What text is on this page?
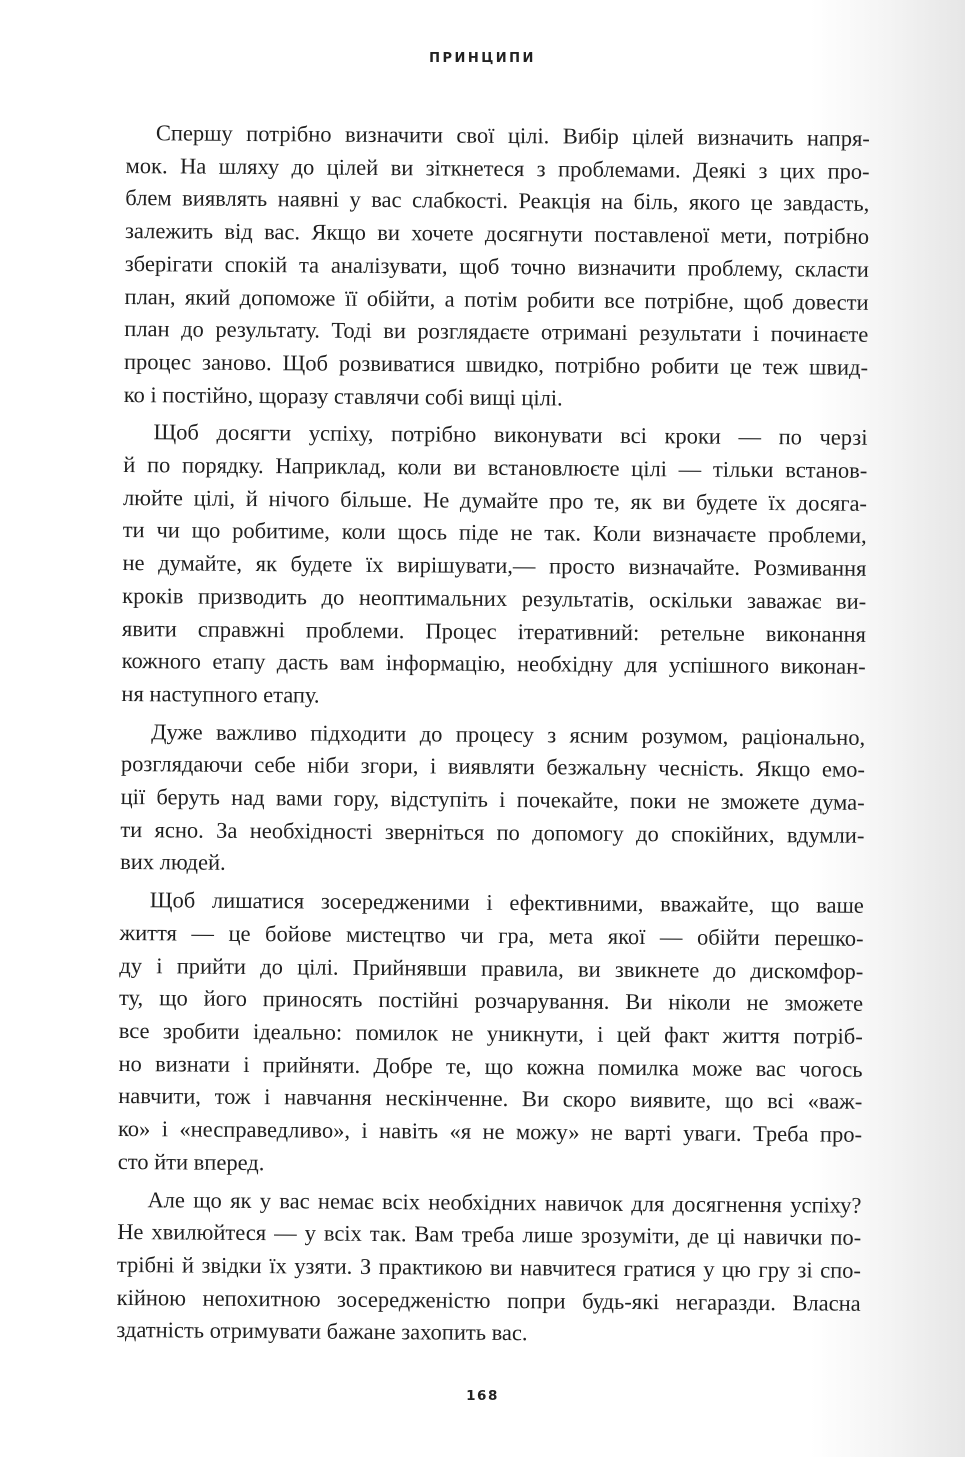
ПРИНЦИПИ
Спершу потрібно визначити свої цілі. Вибір цілей визначить напря-
мок. На шляху до цілей ви зіткнетеся з проблемами. Деякі з цих про-
блем виявлять наявні у вас слабкості. Реакція на біль, якого це завдасть,
залежить від вас. Якщо ви хочете досягнути поставленої мети, потрібно
зберігати спокій та аналізувати, щоб точно визначити проблему, скласти
план, який допоможе її обійти, а потім робити все потрібне, щоб довести
план до результату. Тоді ви розглядаєте отримані результати і починаєте
процес заново. Щоб розвиватися швидко, потрібно робити це теж швид-
ко і постійно, щоразу ставлячи собі вищі цілі.
Щоб досягти успіху, потрібно виконувати всі кроки — по черзі
й по порядку. Наприклад, коли ви встановлюєте цілі — тільки встанов-
люйте цілі, й нічого більше. Не думайте про те, як ви будете їх досяга-
ти чи що робитиме, коли щось піде не так. Коли визначаєте проблеми,
не думайте, як будете їх вирішувати,— просто визначайте. Розмивання
кроків призводить до неоптимальних результатів, оскільки заважає ви-
явити справжні проблеми. Процес ітеративний: ретельне виконання
кожного етапу дасть вам інформацію, необхідну для успішного виконан-
ня наступного етапу.
Дуже важливо підходити до процесу з ясним розумом, раціонально,
розглядаючи себе ніби згори, і виявляти безжальну чесність. Якщо емо-
ції беруть над вами гору, відступіть і почекайте, поки не зможете дума-
ти ясно. За необхідності зверніться по допомогу до спокійних, вдумли-
вих людей.
Щоб лишатися зосередженими і ефективними, вважайте, що ваше
життя — це бойове мистецтво чи гра, мета якої — обійти перешко-
ду і прийти до цілі. Прийнявши правила, ви звикнете до дискомфор-
ту, що його приносять постійні розчарування. Ви ніколи не зможете
все зробити ідеально: помилок не уникнути, і цей факт життя потріб-
но визнати і прийняти. Добре те, що кожна помилка може вас чогось
навчити, тож і навчання нескінченне. Ви скоро виявите, що всі «важ-
ко» і «несправедливо», і навіть «я не можу» не варті уваги. Треба про-
сто йти вперед.
Але що як у вас немає всіх необхідних навичок для досягнення успіху?
Не хвилюйтеся — у всіх так. Вам треба лише зрозуміти, де ці навички по-
трібні й звідки їх узяти. З практикою ви навчитеся гратися у цю гру зі спо-
кійною непохитною зосередженістю попри будь-які негаразди. Власна
здатність отримувати бажане захопить вас.
168
